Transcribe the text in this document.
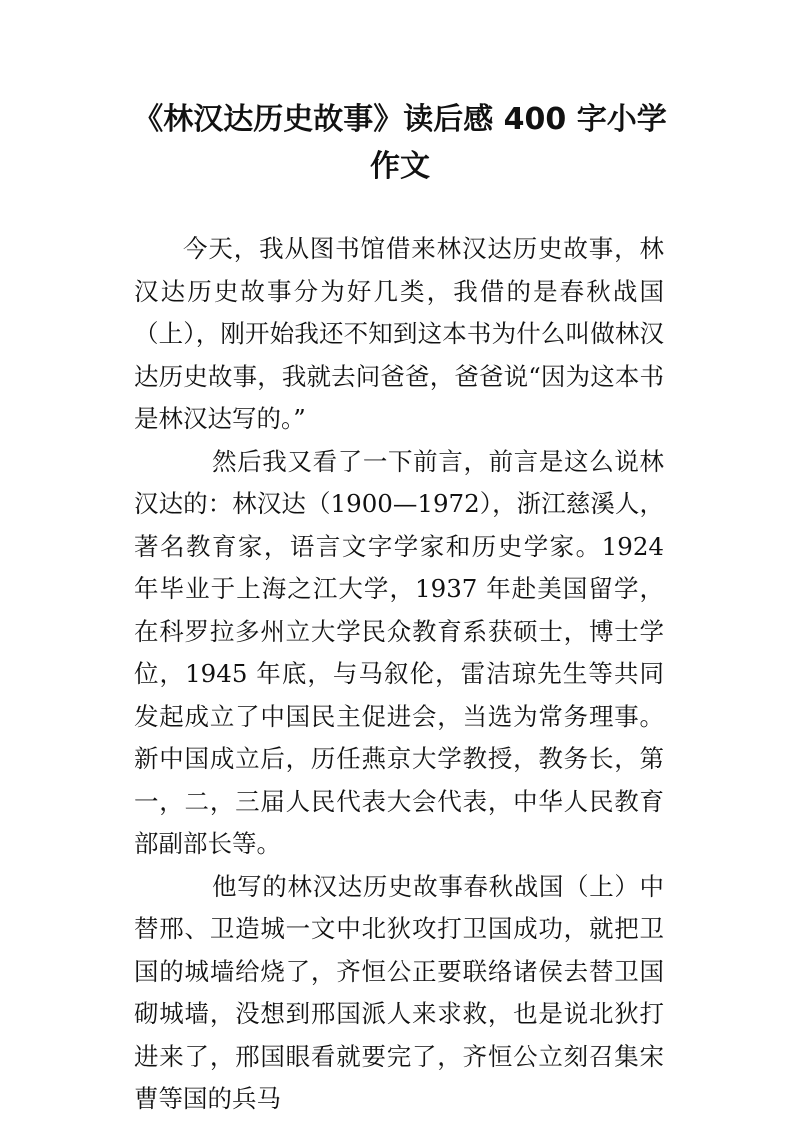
《林汉达历史故事》读后感 400 字小学作文

今天，我从图书馆借来林汉达历史故事，林汉达历史故事分为好几类，我借的是春秋战国（上），刚开始我还不知到这本书为什么叫做林汉达历史故事，我就去问爸爸，爸爸说“因为这本书是林汉达写的。”

然后我又看了一下前言，前言是这么说林汉达的：林汉达（1900—1972），浙江慈溪人，著名教育家，语言文字学家和历史学家。1924 年毕业于上海之江大学，1937 年赴美国留学，在科罗拉多州立大学民众教育系获硕士，博士学位，1945 年底，与马叙伦，雷洁琼先生等共同发起成立了中国民主促进会，当选为常务理事。新中国成立后，历任燕京大学教授，教务长，第一，二，三届人民代表大会代表，中华人民教育部副部长等。

他写的林汉达历史故事春秋战国（上）中替邢、卫造城一文中北狄攻打卫国成功，就把卫国的城墙给烧了，齐恒公正要联络诸侯去替卫国砌城墙，没想到邢国派人来求救，也是说北狄打进来了，邢国眼看就要完了，齐恒公立刻召集宋曹等国的兵马
